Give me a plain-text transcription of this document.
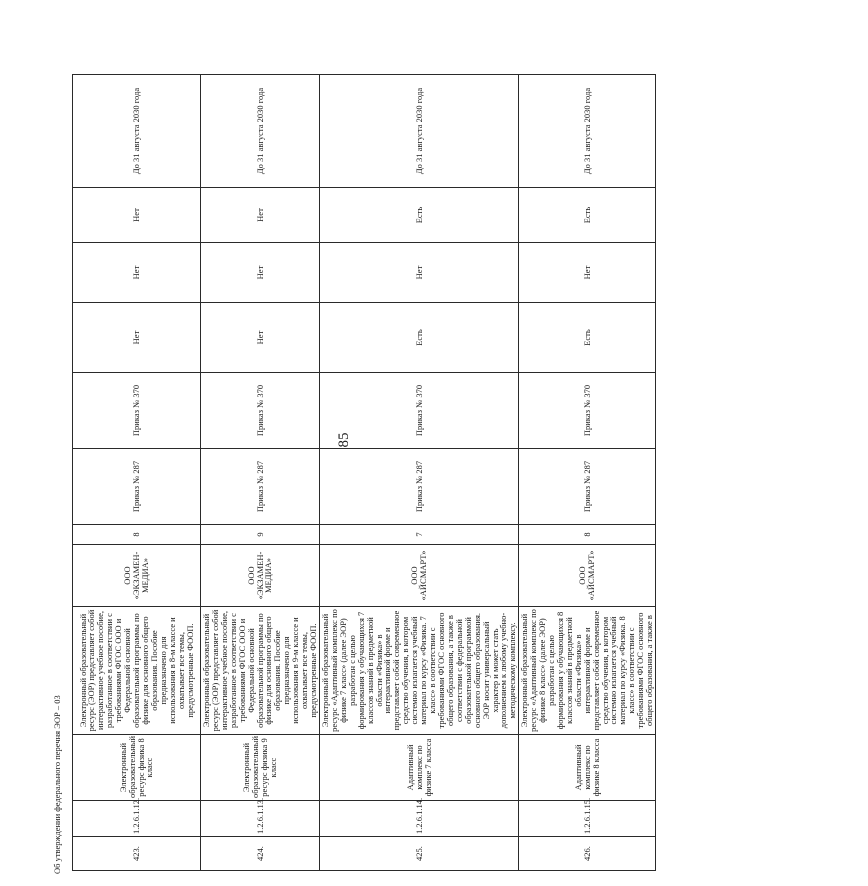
85
423.	1.2.6.1.12.	Электронный образовательный ресурс физика 8 класс	Электронный образовательный ресурс (ЭОР) представляет собой интерактивное учебное пособие, разработанное в соответствии с требованиями ФГОС ООО и Федеральной основной образовательной программы по физике для основного общего образования. Пособие предназначено для использования в 8-м классе и охватывает все темы, предусмотренные ФООП.	ООО «ЭКЗАМЕН-МЕДИА»	8	Приказ № 287	Приказ № 370	Нет	Нет	Нет	До 31 августа 2030 года
424.	1.2.6.1.13.	Электронный образовательный ресурс физика 9 класс	Электронный образовательный ресурс (ЭОР) представляет собой интерактивное учебное пособие, разработанное в соответствии с требованиями ФГОС ООО и Федеральной основной образовательной программы по физике для основного общего образования. Пособие предназначено для использования в 9-м классе и охватывает все темы, предусмотренные ФООП.	ООО «ЭКЗАМЕН-МЕДИА»	9	Приказ № 287	Приказ № 370	Нет	Нет	Нет	До 31 августа 2030 года
425.	1.2.6.1.14.	Адаптивный комплекс по физике 7 класса	Электронный образовательный ресурс «Адаптивный комплекс по физике 7 класс» (далее ЭОР) разработан с целью формирования у обучающихся 7 классов знаний в предметной области «Физика» в интерактивной форме и представляет собой современное средство обучения, в котором системно излагается учебный материал по курсу «Физика. 7 класс» в соответствии с требованиями ФГОС основного общего образования, а также в соответствии с федеральной образовательной программой основного общего образования. ЭОР носит универсальный характер и может стать дополнением к любому учебно-методическому комплексу.	ООО «АЙСМАРТ»	7	Приказ № 287	Приказ № 370	Есть	Нет	Есть	До 31 августа 2030 года
426.	1.2.6.1.15.	Адаптивный комплекс по физике 8 класса	Электронный образовательный ресурс «Адаптивный комплекс по физике 8 класс» (далее ЭОР) разработан с целью формирования у обучающихся 8 классов знаний в предметной области «Физика» в интерактивной форме и представляет собой современное средство обучения, в котором системно излагается учебный материал по курсу «Физика. 8 класс» в соответствии с требованиями ФГОС основного общего образования, а также в	ООО «АЙСМАРТ»	8	Приказ № 287	Приказ № 370	Есть	Нет	Есть	До 31 августа 2030 года
Об утверждении федерального перечня ЭОР – 03
